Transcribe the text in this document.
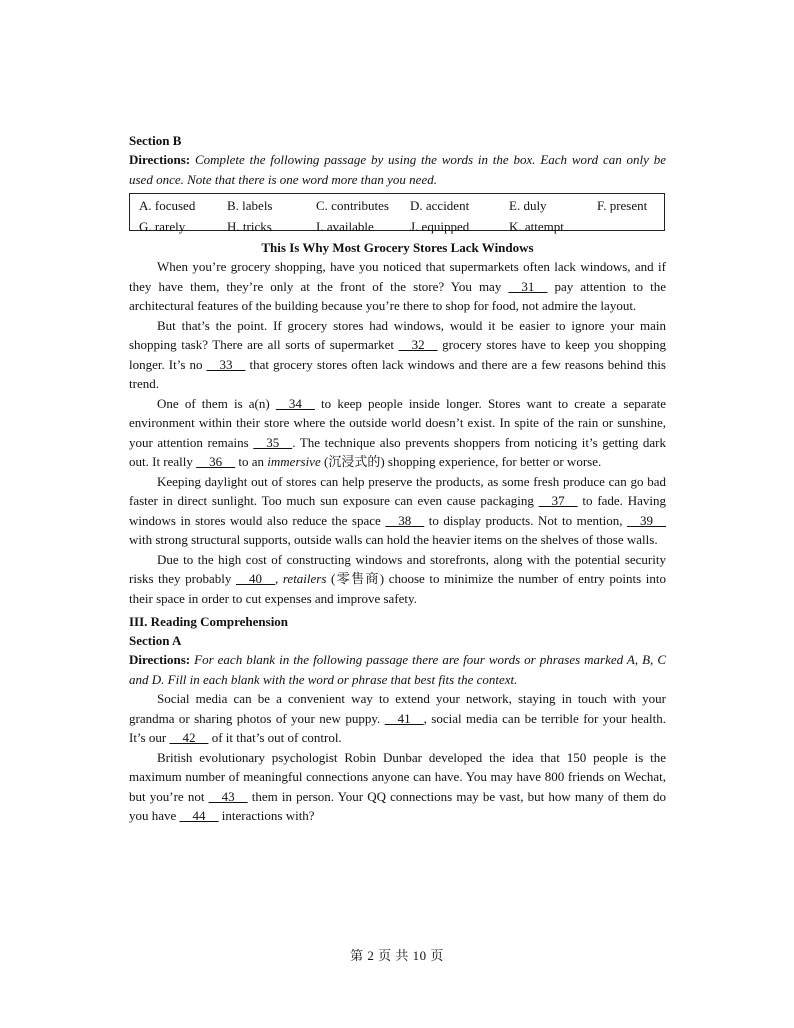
Section B
Directions: Complete the following passage by using the words in the box. Each word can only be used once. Note that there is one word more than you need.
A. focused B. labels	C. contributes D. accident	E. duly	F. present
G. rarely	H. tricks	I. available	J. equipped	K. attempt
This Is Why Most Grocery Stores Lack Windows

When you’re grocery shopping, have you noticed that supermarkets often lack windows, and if they have them, they’re only at the front of the store? You may     31     pay attention to the architectural features of the building because you’re there to shop for food, not admire the layout.

But that’s the point. If grocery stores had windows, would it be easier to ignore your main shopping task? There are all sorts of supermarket     32     grocery stores have to keep you shopping longer. It’s no     33     that grocery stores often lack windows and there are a few reasons behind this trend.

One of them is a(n)     34     to keep people inside longer. Stores want to create a separate environment within their store where the outside world doesn’t exist. In spite of the rain or sunshine, your attention remains     35    . The technique also prevents shoppers from noticing it’s getting dark out. It really     36     to an immersive (沉浸式的) shopping experience, for better or worse.

Keeping daylight out of stores can help preserve the products, as some fresh produce can go bad faster in direct sunlight. Too much sun exposure can even cause packaging     37     to fade. Having windows in stores would also reduce the space     38     to display products. Not to mention,     39     with strong structural supports, outside walls can hold the heavier items on the shelves of those walls.

Due to the high cost of constructing windows and storefronts, along with the potential security risks they probably     40    , retailers (零售商) choose to minimize the number of entry points into their space in order to cut expenses and improve safety.

III. Reading Comprehension
Section A
Directions: For each blank in the following passage there are four words or phrases marked A, B, C and D. Fill in each blank with the word or phrase that best fits the context.

Social media can be a convenient way to extend your network, staying in touch with your grandma or sharing photos of your new puppy.     41    , social media can be terrible for your health. It’s our     42     of it that’s out of control.

British evolutionary psychologist Robin Dunbar developed the idea that 150 people is the maximum number of meaningful connections anyone can have. You may have 800 friends on Wechat, but you’re not     43     them in person. Your QQ connections may be vast, but how many of them do you have     44     interactions with?

第 2 页 共 10 页
